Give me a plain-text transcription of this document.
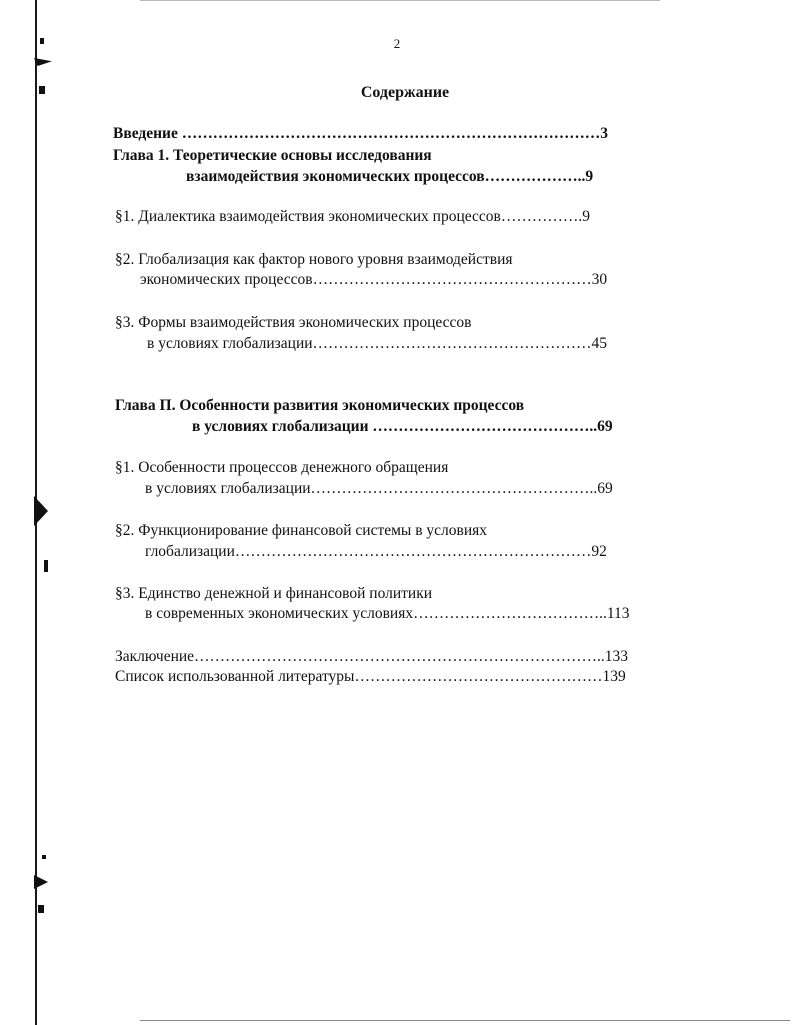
2
Содержание
Введение ………………………………………………………………………3
Глава 1. Теоретические основы исследования
взаимодействия экономических процессов………………..9
§1. Диалектика взаимодействия экономических процессов…………….9
§2. Глобализация как фактор нового уровня взаимодействия
экономических процессов………………………………………………30
§3. Формы взаимодействия экономических процессов
в условиях глобализации………………………………………………45
Глава П. Особенности развития экономических процессов
в условиях глобализации ……………………………………..69
§1. Особенности процессов денежного обращения
в условиях глобализации………………………………………………..69
§2. Функционирование финансовой системы в условиях
глобализации……………………………………………………………92
§3. Единство денежной и финансовой политики
в современных экономических условиях………………………………..113
Заключение……………………………………………………………………..133
Список использованной литературы…………………………………………139
